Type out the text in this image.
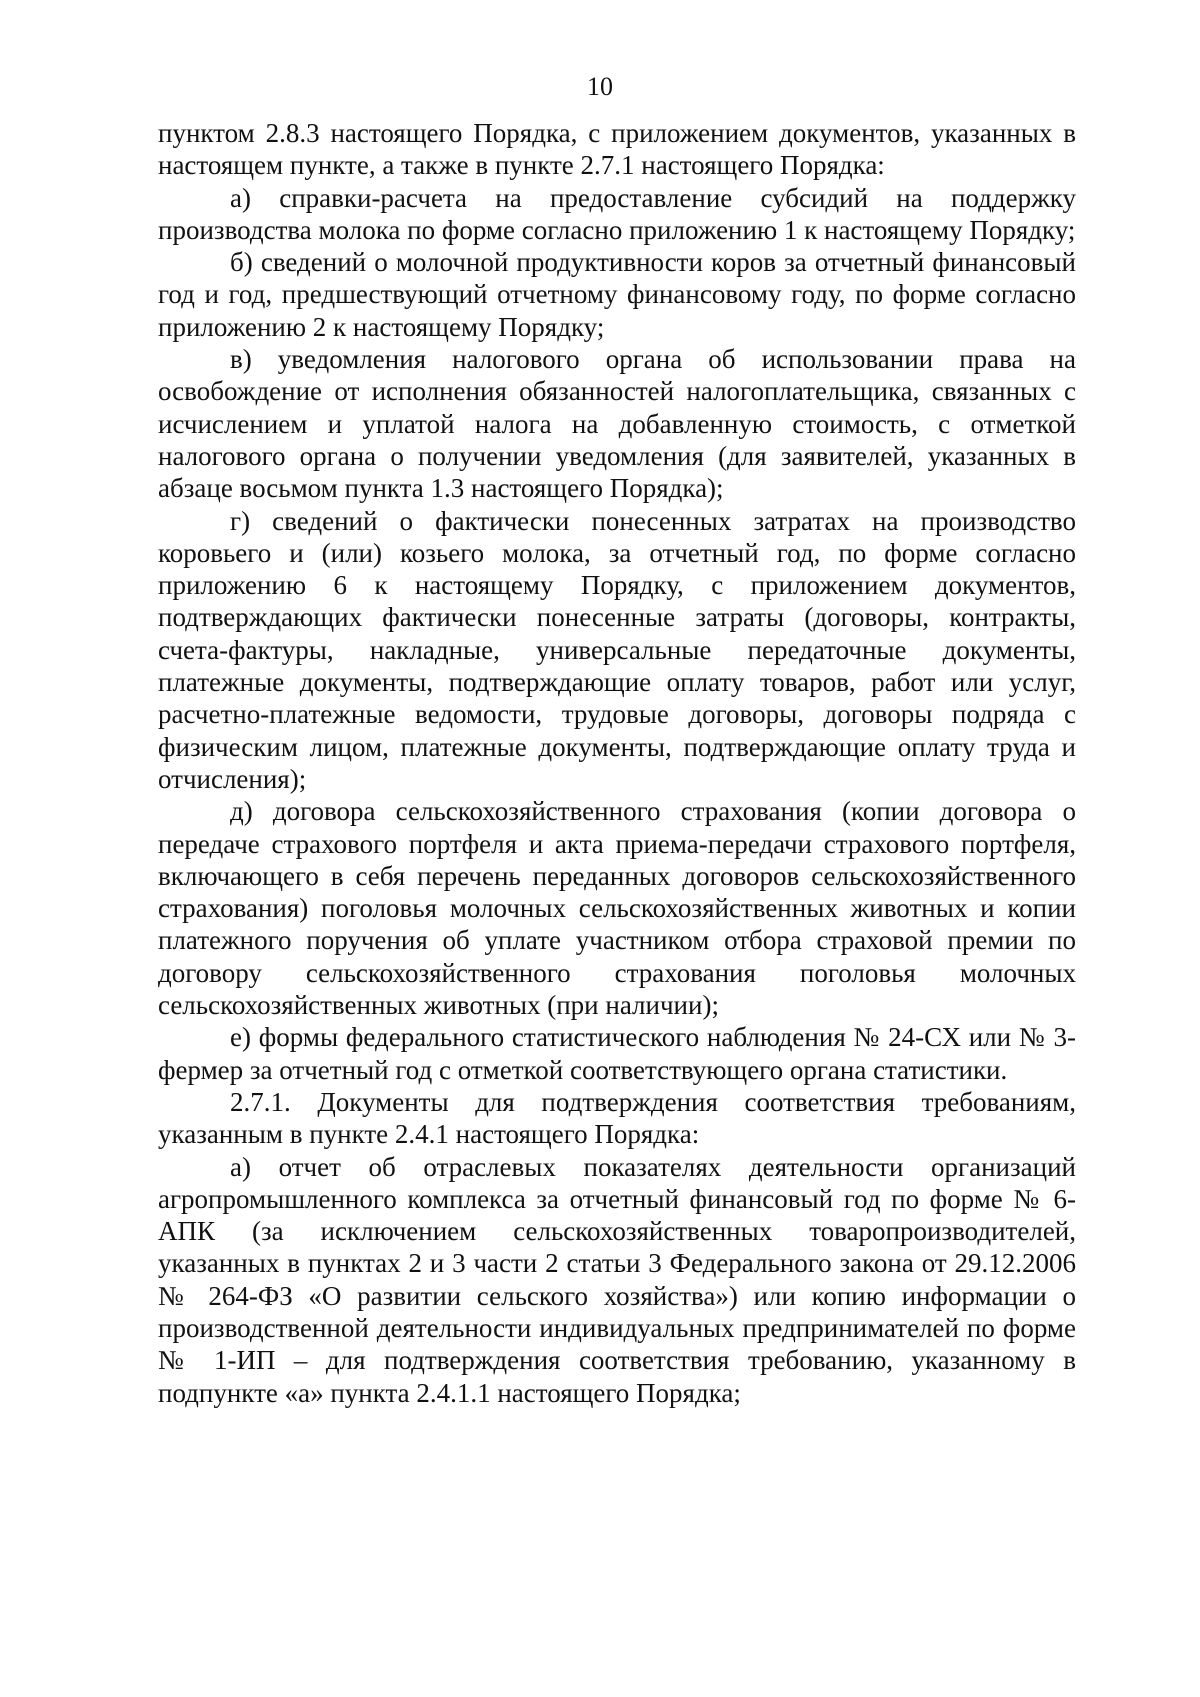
10

пунктом 2.8.3 настоящего Порядка, с приложением документов, указанных в настоящем пункте, а также в пункте 2.7.1 настоящего Порядка:

а) справки-расчета на предоставление субсидий на поддержку производства молока по форме согласно приложению 1 к настоящему Порядку;

б) сведений о молочной продуктивности коров за отчетный финансовый год и год, предшествующий отчетному финансовому году, по форме согласно приложению 2 к настоящему Порядку;

в) уведомления налогового органа об использовании права на освобождение от исполнения обязанностей налогоплательщика, связанных с исчислением и уплатой налога на добавленную стоимость, с отметкой налогового органа о получении уведомления (для заявителей, указанных в абзаце восьмом пункта 1.3 настоящего Порядка);

г) сведений о фактически понесенных затратах на производство коровьего и (или) козьего молока, за отчетный год, по форме согласно приложению 6 к настоящему Порядку, с приложением документов, подтверждающих фактически понесенные затраты (договоры, контракты, счета-фактуры, накладные, универсальные передаточные документы, платежные документы, подтверждающие оплату товаров, работ или услуг, расчетно-платежные ведомости, трудовые договоры, договоры подряда с физическим лицом, платежные документы, подтверждающие оплату труда и отчисления);

д) договора сельскохозяйственного страхования (копии договора о передаче страхового портфеля и акта приема-передачи страхового портфеля, включающего в себя перечень переданных договоров сельскохозяйственного страхования) поголовья молочных сельскохозяйственных животных и копии платежного поручения об уплате участником отбора страховой премии по договору сельскохозяйственного страхования поголовья молочных сельскохозяйственных животных (при наличии);

е) формы федерального статистического наблюдения № 24-СХ или № 3-фермер за отчетный год с отметкой соответствующего органа статистики.

2.7.1. Документы для подтверждения соответствия требованиям, указанным в пункте 2.4.1 настоящего Порядка:

а) отчет об отраслевых показателях деятельности организаций агропромышленного комплекса за отчетный финансовый год по форме № 6-АПК (за исключением сельскохозяйственных товаропроизводителей, указанных в пунктах 2 и 3 части 2 статьи 3 Федерального закона от 29.12.2006 № 264-ФЗ «О развитии сельского хозяйства») или копию информации о производственной деятельности индивидуальных предпринимателей по форме № 1-ИП – для подтверждения соответствия требованию, указанному в подпункте «а» пункта 2.4.1.1 настоящего Порядка;
